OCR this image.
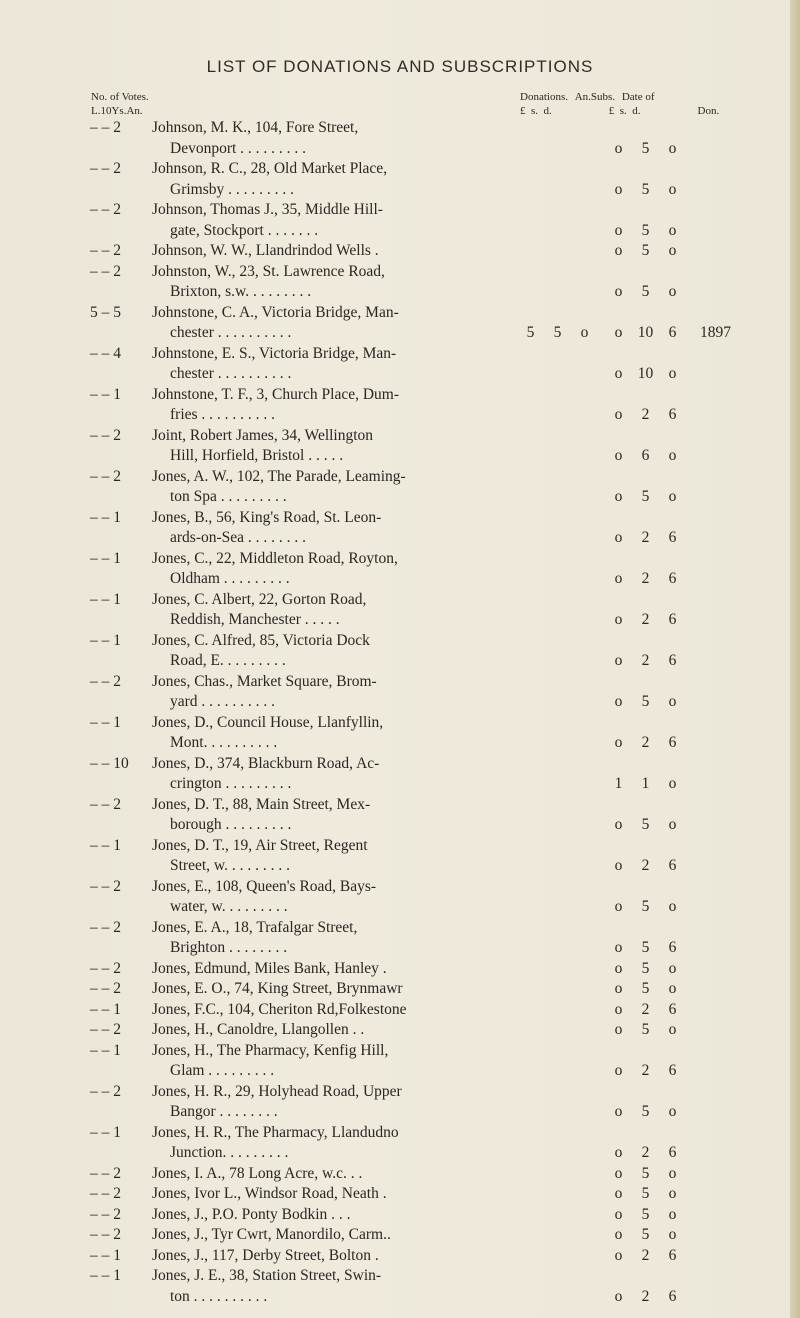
LIST OF DONATIONS AND SUBSCRIPTIONS
No. of Votes.
L.10Ys.An.
Donations. An.Subs. Date of
£  s.  d.	£  s.  d.	Don.
– – 2	Johnson, M. K., 104, Fore Street,
Devonport . . . . . . . . .	o 5 o
– – 2	Johnson, R. C., 28, Old Market Place,
Grimsby . . . . . . . . .	o 5 o
– – 2	Johnson, Thomas J., 35, Middle Hill-
gate, Stockport . . . . . . .	o 5 o
– – 2	Johnson, W. W., Llandrindod Wells .	o 5 o
– – 2	Johnston, W., 23, St. Lawrence Road,
Brixton, s.w. . . . . . . . .	o 5 o
5 – 5	Johnstone, C. A., Victoria Bridge, Man-
chester . . . . . . . . . .	5 5 o	o 10 6	1897
– – 4	Johnstone, E. S., Victoria Bridge, Man-
chester . . . . . . . . . .	o 10 o
– – 1	Johnstone, T. F., 3, Church Place, Dum-
fries . . . . . . . . . .	o 2 6
– – 2	Joint, Robert James, 34, Wellington
Hill, Horfield, Bristol . . . . .	o 6 o
– – 2	Jones, A. W., 102, The Parade, Leaming-
ton Spa . . . . . . . . .	o 5 o
– – 1	Jones, B., 56, King's Road, St. Leon-
ards-on-Sea . . . . . . . .	o 2 6
– – 1	Jones, C., 22, Middleton Road, Royton,
Oldham . . . . . . . . .	o 2 6
– – 1	Jones, C. Albert, 22, Gorton Road,
Reddish, Manchester . . . . .	o 2 6
– – 1	Jones, C. Alfred, 85, Victoria Dock
Road, E. . . . . . . . .	o 2 6
– – 2	Jones, Chas., Market Square, Brom-
yard . . . . . . . . . .	o 5 o
– – 1	Jones, D., Council House, Llanfyllin,
Mont. . . . . . . . . .	o 2 6
– – 10	Jones, D., 374, Blackburn Road, Ac-
crington . . . . . . . . .	1 1 o
– – 2	Jones, D. T., 88, Main Street, Mex-
borough . . . . . . . . .	o 5 o
– – 1	Jones, D. T., 19, Air Street, Regent
Street, w. . . . . . . . .	o 2 6
– – 2	Jones, E., 108, Queen's Road, Bays-
water, w. . . . . . . . .	o 5 o
– – 2	Jones, E. A., 18, Trafalgar Street,
Brighton . . . . . . . .	o 5 6
– – 2	Jones, Edmund, Miles Bank, Hanley .	o 5 o
– – 2	Jones, E. O., 74, King Street, Brynmawr	o 5 o
– – 1	Jones, F.C., 104, Cheriton Rd,Folkestone	o 2 6
– – 2	Jones, H., Canoldre, Llangollen . .	o 5 o
– – 1	Jones, H., The Pharmacy, Kenfig Hill,
Glam . . . . . . . . .	o 2 6
– – 2	Jones, H. R., 29, Holyhead Road, Upper
Bangor . . . . . . . .	o 5 o
– – 1	Jones, H. R., The Pharmacy, Llandudno
Junction. . . . . . . . .	o 2 6
– – 2	Jones, I. A., 78 Long Acre, w.c. . .	o 5 o
– – 2	Jones, Ivor L., Windsor Road, Neath .	o 5 o
– – 2	Jones, J., P.O. Ponty Bodkin . . .	o 5 o
– – 2	Jones, J., Tyr Cwrt, Manordilo, Carm..	o 5 o
– – 1	Jones, J., 117, Derby Street, Bolton .	o 2 6
– – 1	Jones, J. E., 38, Station Street, Swin-
ton . . . . . . . . . .	o 2 6
